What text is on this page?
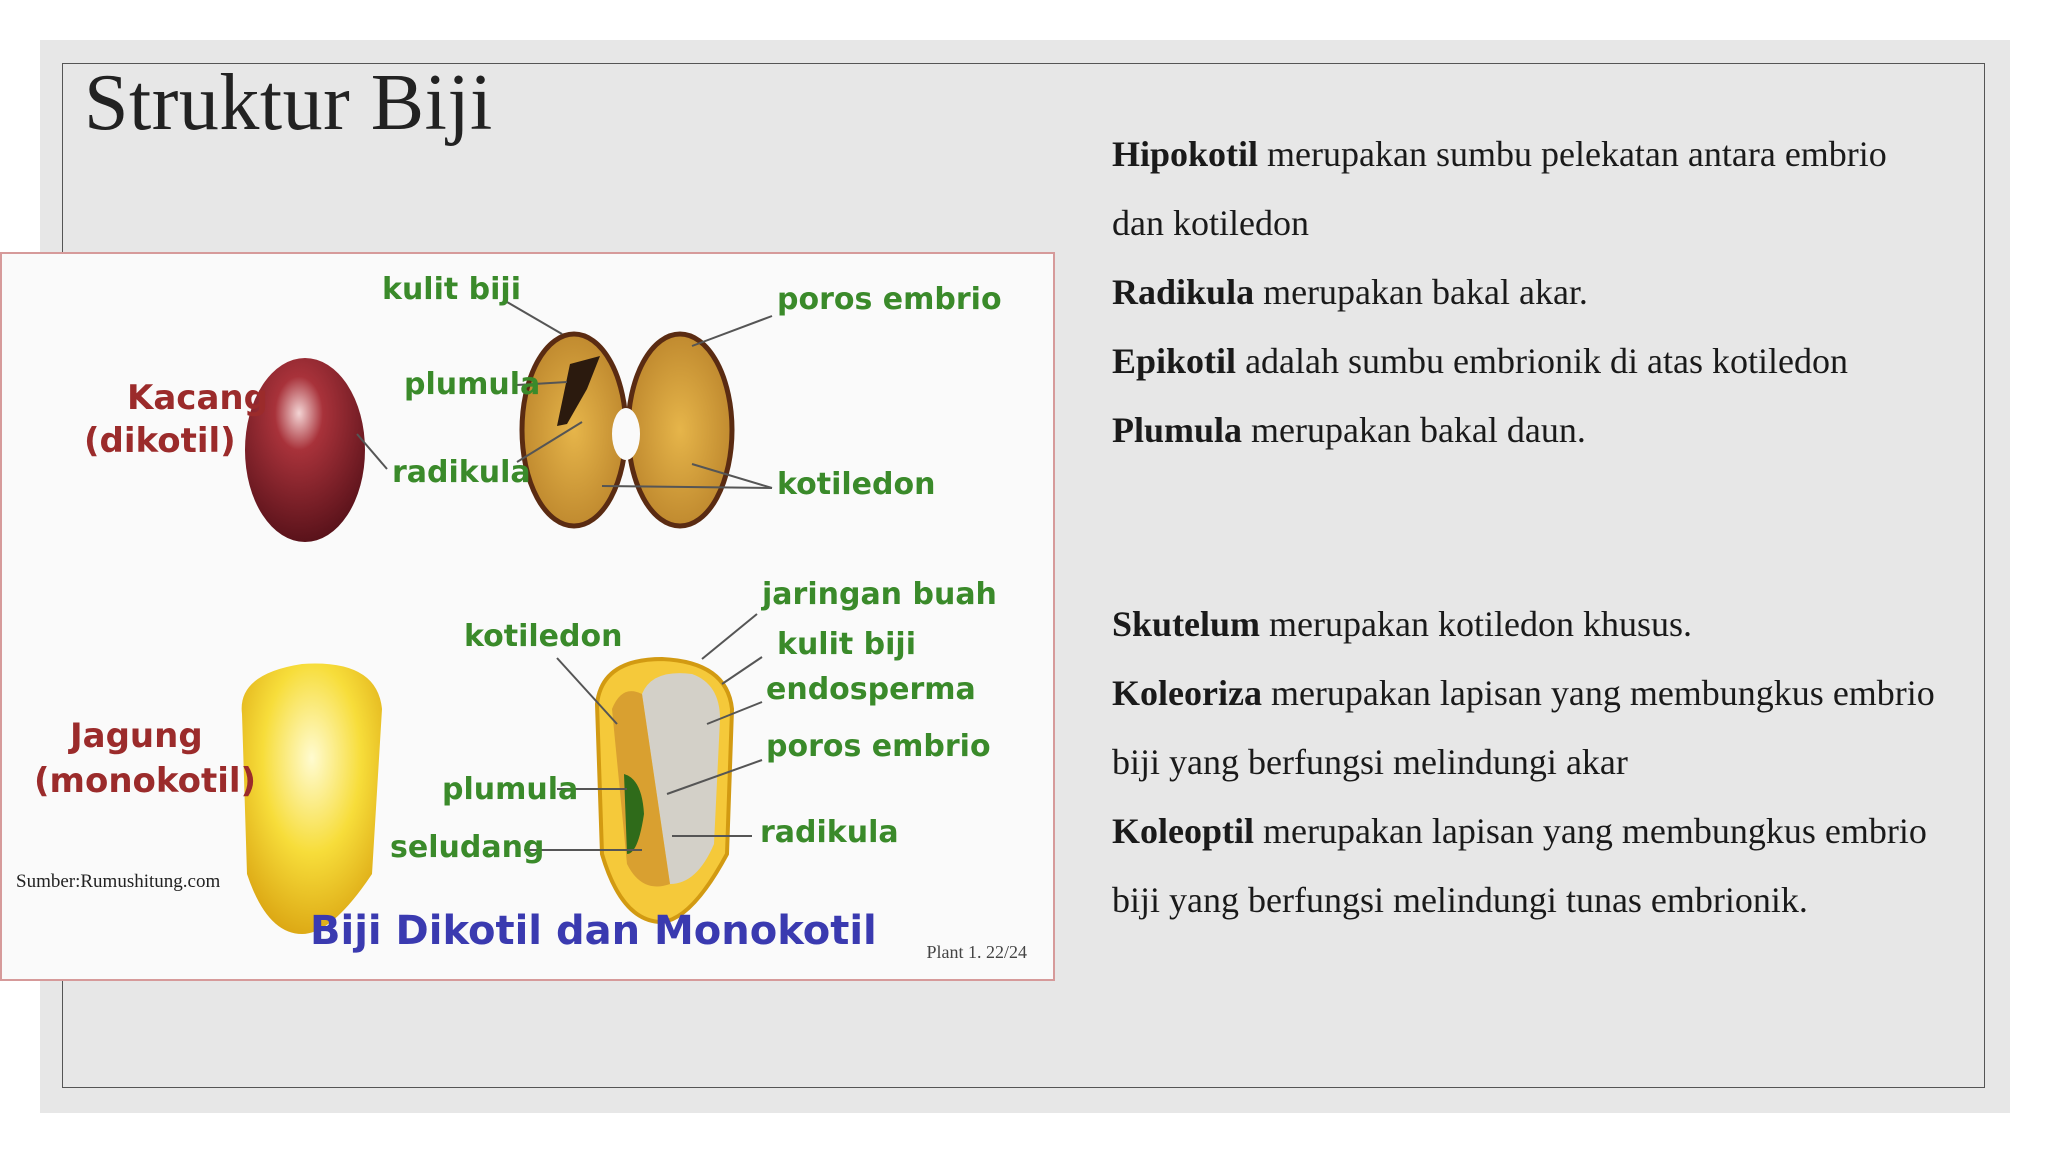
Struktur Biji

Hipokotil merupakan sumbu pelekatan antara embrio

dan kotiledon

Radikula merupakan bakal akar.

Epikotil adalah sumbu embrionik di atas kotiledon

Plumula merupakan bakal daun.

Skutelum merupakan kotiledon khusus.

Koleoriza merupakan lapisan yang membungkus embrio

biji yang berfungsi melindungi akar

Koleoptil merupakan lapisan yang membungkus embrio

biji yang berfungsi melindungi tunas embrionik.

Kacang
(dikotil)
kulit biji	poros embrio
plumula
radikula	kotiledon
Jagung
(monokotil)
jaringan buah
kotiledon	kulit biji
endosperma
poros embrio
plumula
radikula
seludang
Biji Dikotil dan Monokotil
Sumber:Rumushitung.com
Plant 1. 22/24
